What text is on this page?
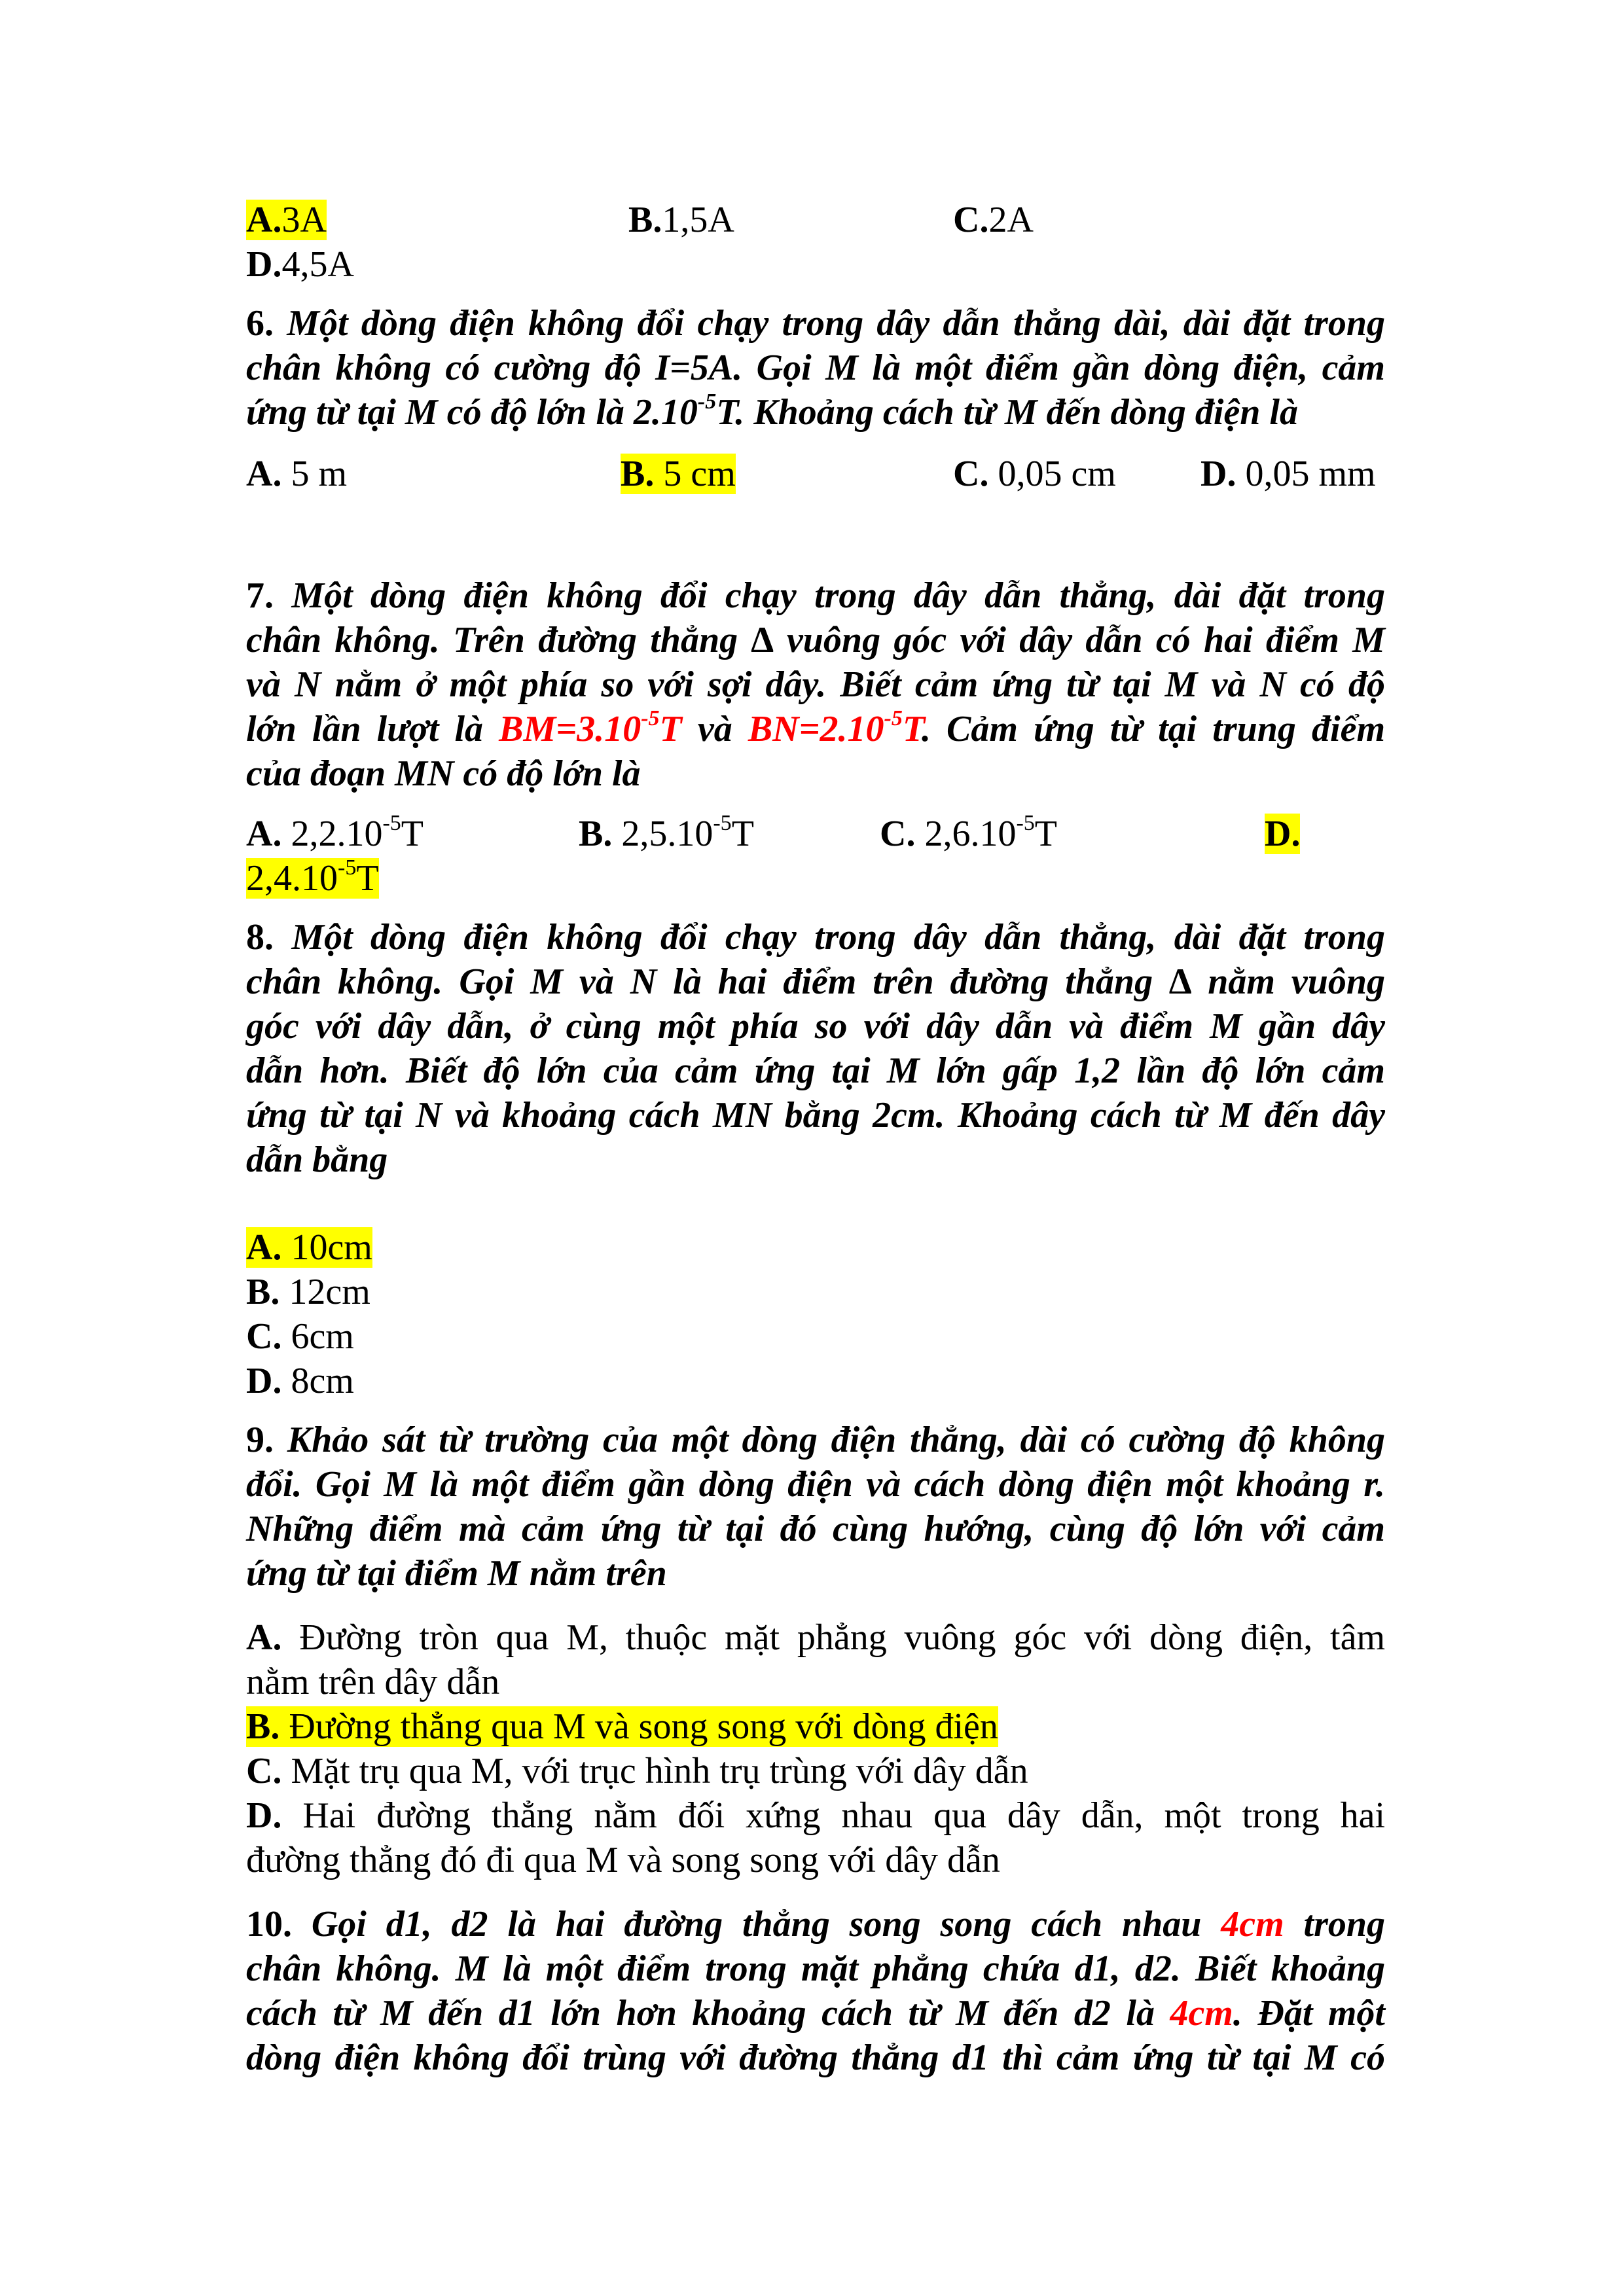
A.3A	B.1,5A	C.2A
D.4,5A
6. Một dòng điện không đổi chạy trong dây dẫn thẳng dài, dài đặt trong
chân không có cường độ I=5A. Gọi M là một điểm gần dòng điện, cảm
ứng từ tại M có độ lớn là $2.10^{-5}T$. Khoảng cách từ M đến dòng điện là
A. 5 m	B. 5 cm	C. 0,05 cm D. 0,05 mm
7. Một dòng điện không đổi chạy trong dây dẫn thẳng, dài đặt trong
chân không. Trên đường thẳng ∆ vuông góc với dây dẫn có hai điểm M
và N nằm ở một phía so với sợi dây. Biết cảm ứng từ tại M và N có độ
lớn lần lượt là $BM=3.10^{-5}T$ và $BN=2.10^{-5}T$. Cảm ứng từ tại trung điểm
của đoạn MN có độ lớn là
A. $2,2.10^{-5}T$	B. $2,5.10^{-5}T$	C. $2,6.10^{-5}T$	D.
$2,4.10^{-5}T$
8. Một dòng điện không đổi chạy trong dây dẫn thẳng, dài đặt trong
chân không. Gọi M và N là hai điểm trên đường thẳng ∆ nằm vuông
góc với dây dẫn, ở cùng một phía so với dây dẫn và điểm M gần dây
dẫn hơn. Biết độ lớn của cảm ứng tại M lớn gấp 1,2 lần độ lớn cảm
ứng từ tại N và khoảng cách MN bằng 2cm. Khoảng cách từ M đến dây
dẫn bằng
A. 10cm
B. 12cm
C. 6cm
D. 8cm
9. Khảo sát từ trường của một dòng điện thẳng, dài có cường độ không
đổi. Gọi M là một điểm gần dòng điện và cách dòng điện một khoảng r.
Những điểm mà cảm ứng từ tại đó cùng hướng, cùng độ lớn với cảm
ứng từ tại điểm M nằm trên
A. Đường tròn qua M, thuộc mặt phẳng vuông góc với dòng điện, tâm
nằm trên dây dẫn
B. Đường thẳng qua M và song song với dòng điện
C. Mặt trụ qua M, với trục hình trụ trùng với dây dẫn
D. Hai đường thẳng nằm đối xứng nhau qua dây dẫn, một trong hai
đường thẳng đó đi qua M và song song với dây dẫn
10. Gọi d1, d2 là hai đường thẳng song song cách nhau 4cm trong
chân không. M là một điểm trong mặt phẳng chứa d1, d2. Biết khoảng
cách từ M đến d1 lớn hơn khoảng cách từ M đến d2 là 4cm. Đặt một
dòng điện không đổi trùng với đường thẳng d1 thì cảm ứng từ tại M có
